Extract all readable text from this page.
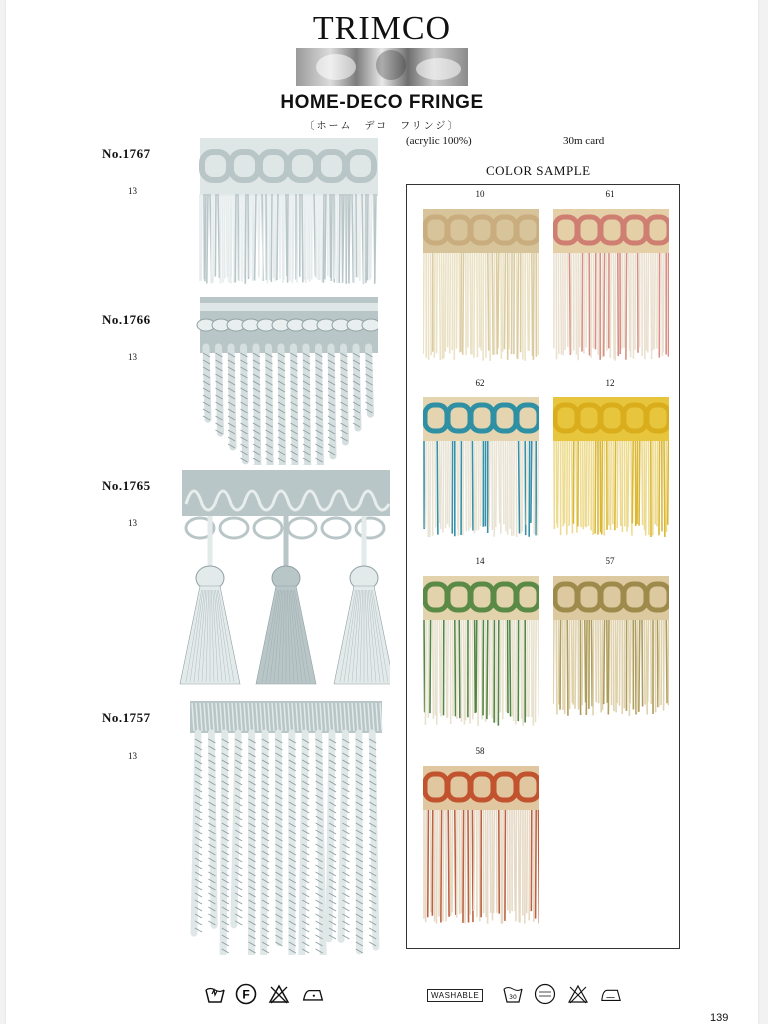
TRIMCO
HOME-DECO FRINGE
〔ホーム　デコ　フリンジ〕
(acrylic 100%)	30m card
No.1767
13
No.1766
13
No.1765
13
No.1757
13
COLOR SAMPLE
10	61
62	12
14	57
58
F	WASHABLE	30
139
